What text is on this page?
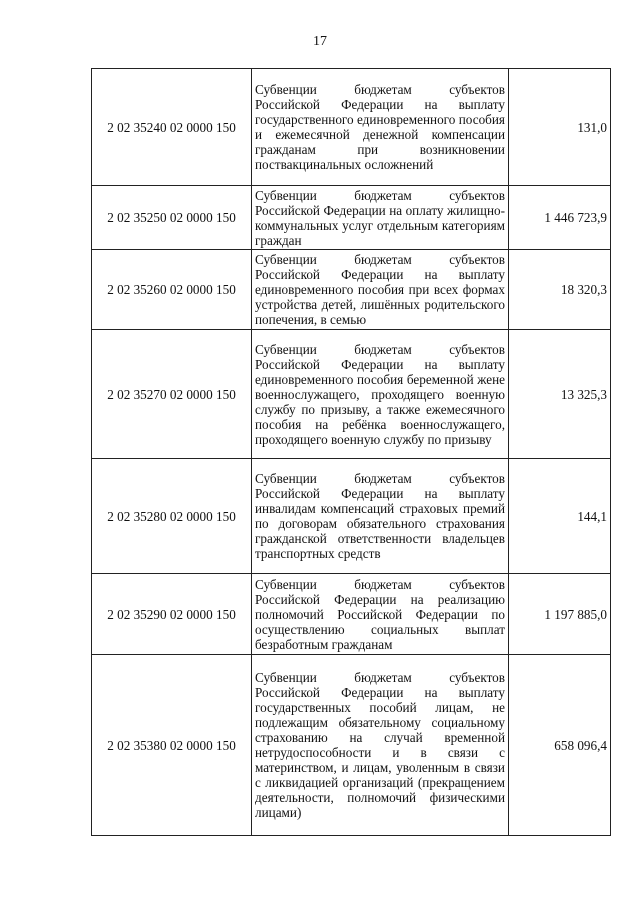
17
2 02 35240 02 0000 150	Субвенции бюджетам субъектов Российской Федерации на выплату государственного единовременного пособия и ежемесячной денежной компенсации гражданам при возникновении поствакцинальных осложнений	131,0
2 02 35250 02 0000 150	Субвенции бюджетам субъектов Российской Федерации на оплату жилищно-коммунальных услуг отдельным категориям граждан	1 446 723,9
2 02 35260 02 0000 150	Субвенции бюджетам субъектов Российской Федерации на выплату единовременного пособия при всех формах устройства детей, лишённых родительского попечения, в семью	18 320,3
2 02 35270 02 0000 150	Субвенции бюджетам субъектов Российской Федерации на выплату единовременного пособия беременной жене военнослужащего, проходящего военную службу по призыву, а также ежемесячного пособия на ребёнка военнослужащего, проходящего военную службу по призыву	13 325,3
2 02 35280 02 0000 150	Субвенции бюджетам субъектов Российской Федерации на выплату инвалидам компенсаций страховых премий по договорам обязательного страхования гражданской ответственности владельцев транспортных средств	144,1
2 02 35290 02 0000 150	Субвенции бюджетам субъектов Российской Федерации на реализацию полномочий Российской Федерации по осуществлению социальных выплат безработным гражданам	1 197 885,0
2 02 35380 02 0000 150	Субвенции бюджетам субъектов Российской Федерации на выплату государственных пособий лицам, не подлежащим обязательному социальному страхованию на случай временной нетрудоспособности и в связи с материнством, и лицам, уволенным в связи с ликвидацией организаций (прекращением деятельности, полномочий физическими лицами)	658 096,4
